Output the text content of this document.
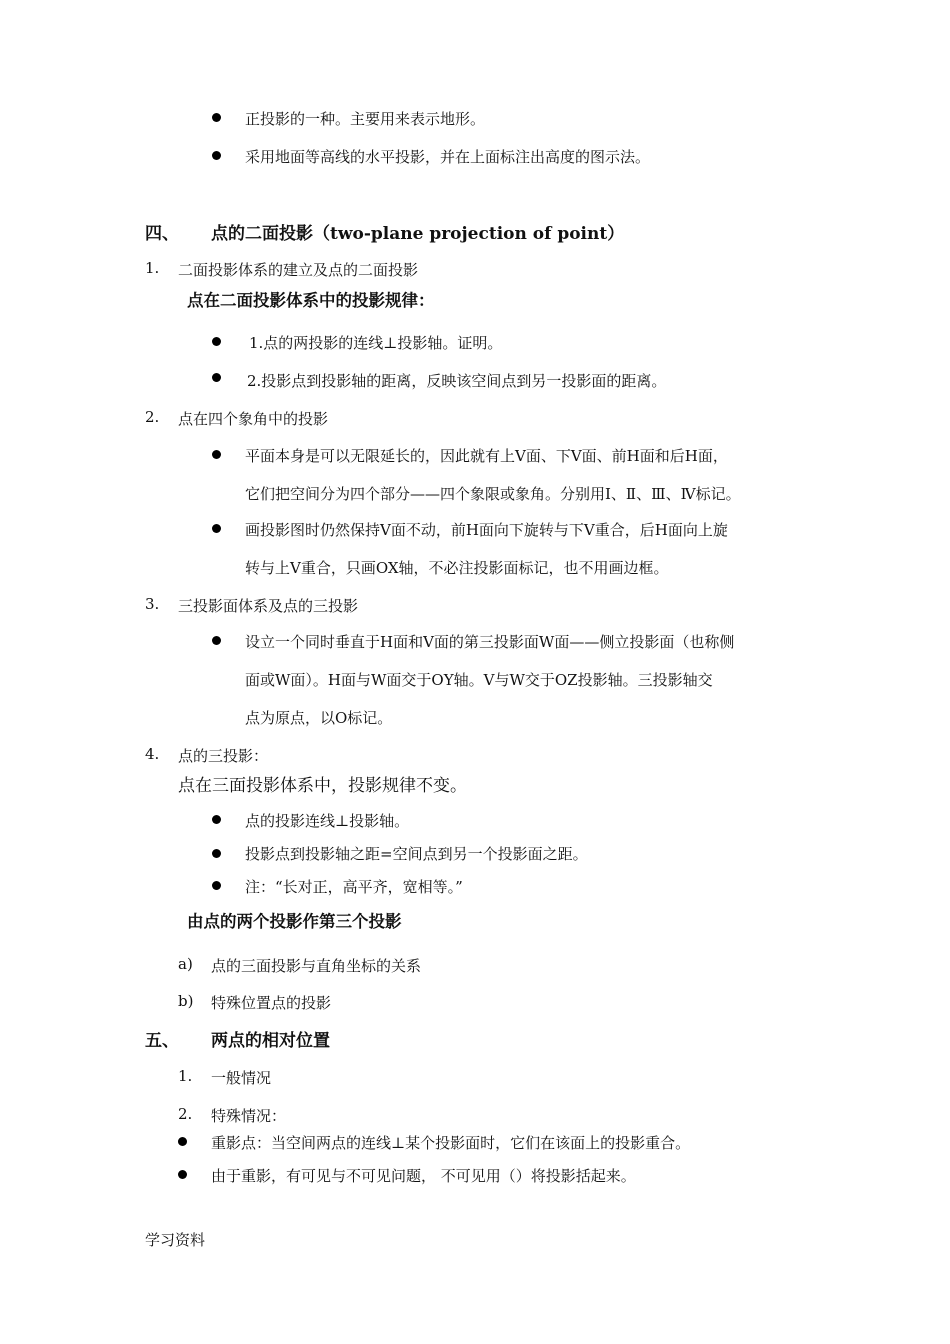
正投影的一种。主要用来表示地形。
采用地面等高线的水平投影，并在上面标注出高度的图示法。
四、 点的二面投影（two-plane projection of point）
1. 二面投影体系的建立及点的二面投影
点在二面投影体系中的投影规律：
1.点的两投影的连线⊥投影轴。证明。
2.投影点到投影轴的距离，反映该空间点到另一投影面的距离。
2. 点在四个象角中的投影
平面本身是可以无限延长的，因此就有上V面、下V面、前H面和后H面，
它们把空间分为四个部分——四个象限或象角。分别用Ⅰ、Ⅱ、Ⅲ、Ⅳ标记。
画投影图时仍然保持V面不动，前H面向下旋转与下V重合，后H面向上旋
转与上V重合，只画OX轴，不必注投影面标记，也不用画边框。
3. 三投影面体系及点的三投影
设立一个同时垂直于H面和V面的第三投影面W面——侧立投影面（也称侧
面或W面）。H面与W面交于OY轴。V与W交于OZ投影轴。三投影轴交
点为原点，以O标记。
4. 点的三投影：
点在三面投影体系中，投影规律不变。
点的投影连线⊥投影轴。
投影点到投影轴之距=空间点到另一个投影面之距。
注：“长对正，高平齐，宽相等。”
由点的两个投影作第三个投影
a) 点的三面投影与直角坐标的关系
b) 特殊位置点的投影
五、 两点的相对位置
1. 一般情况
2. 特殊情况：
重影点：当空间两点的连线⊥某个投影面时，它们在该面上的投影重合。
由于重影，有可见与不可见问题， 不可见用（）将投影括起来。
学习资料
